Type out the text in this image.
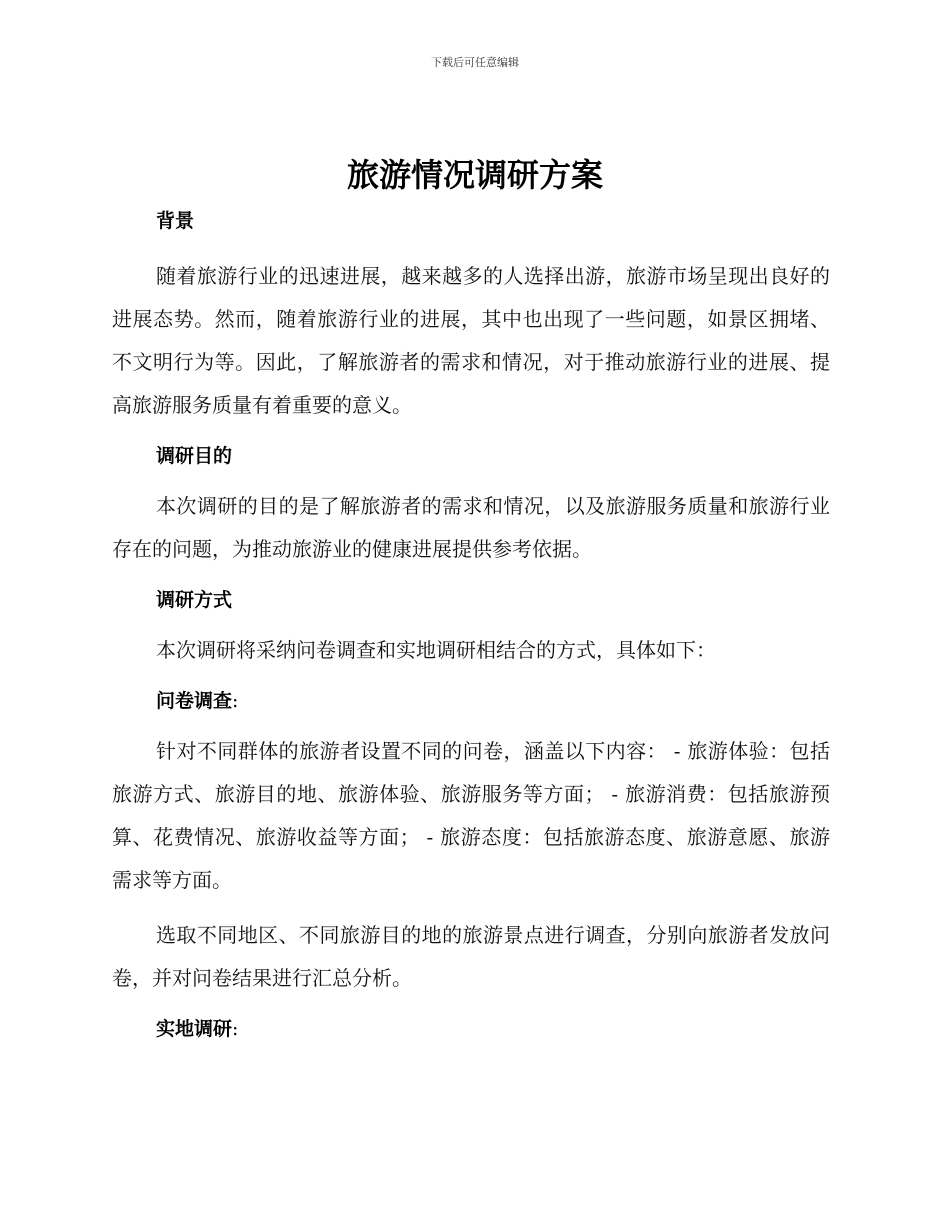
下载后可任意编辑
旅游情况调研方案

背景

随着旅游行业的迅速进展，越来越多的人选择出游，旅游市场呈现出良好的进展态势。然而，随着旅游行业的进展，其中也出现了一些问题，如景区拥堵、不文明行为等。因此，了解旅游者的需求和情况，对于推动旅游行业的进展、提高旅游服务质量有着重要的意义。

调研目的

本次调研的目的是了解旅游者的需求和情况，以及旅游服务质量和旅游行业存在的问题，为推动旅游业的健康进展提供参考依据。

调研方式

本次调研将采纳问卷调查和实地调研相结合的方式，具体如下：

问卷调查:

针对不同群体的旅游者设置不同的问卷，涵盖以下内容： - 旅游体验：包括旅游方式、旅游目的地、旅游体验、旅游服务等方面； - 旅游消费：包括旅游预算、花费情况、旅游收益等方面； - 旅游态度：包括旅游态度、旅游意愿、旅游需求等方面。

选取不同地区、不同旅游目的地的旅游景点进行调查，分别向旅游者发放问卷，并对问卷结果进行汇总分析。

实地调研:
